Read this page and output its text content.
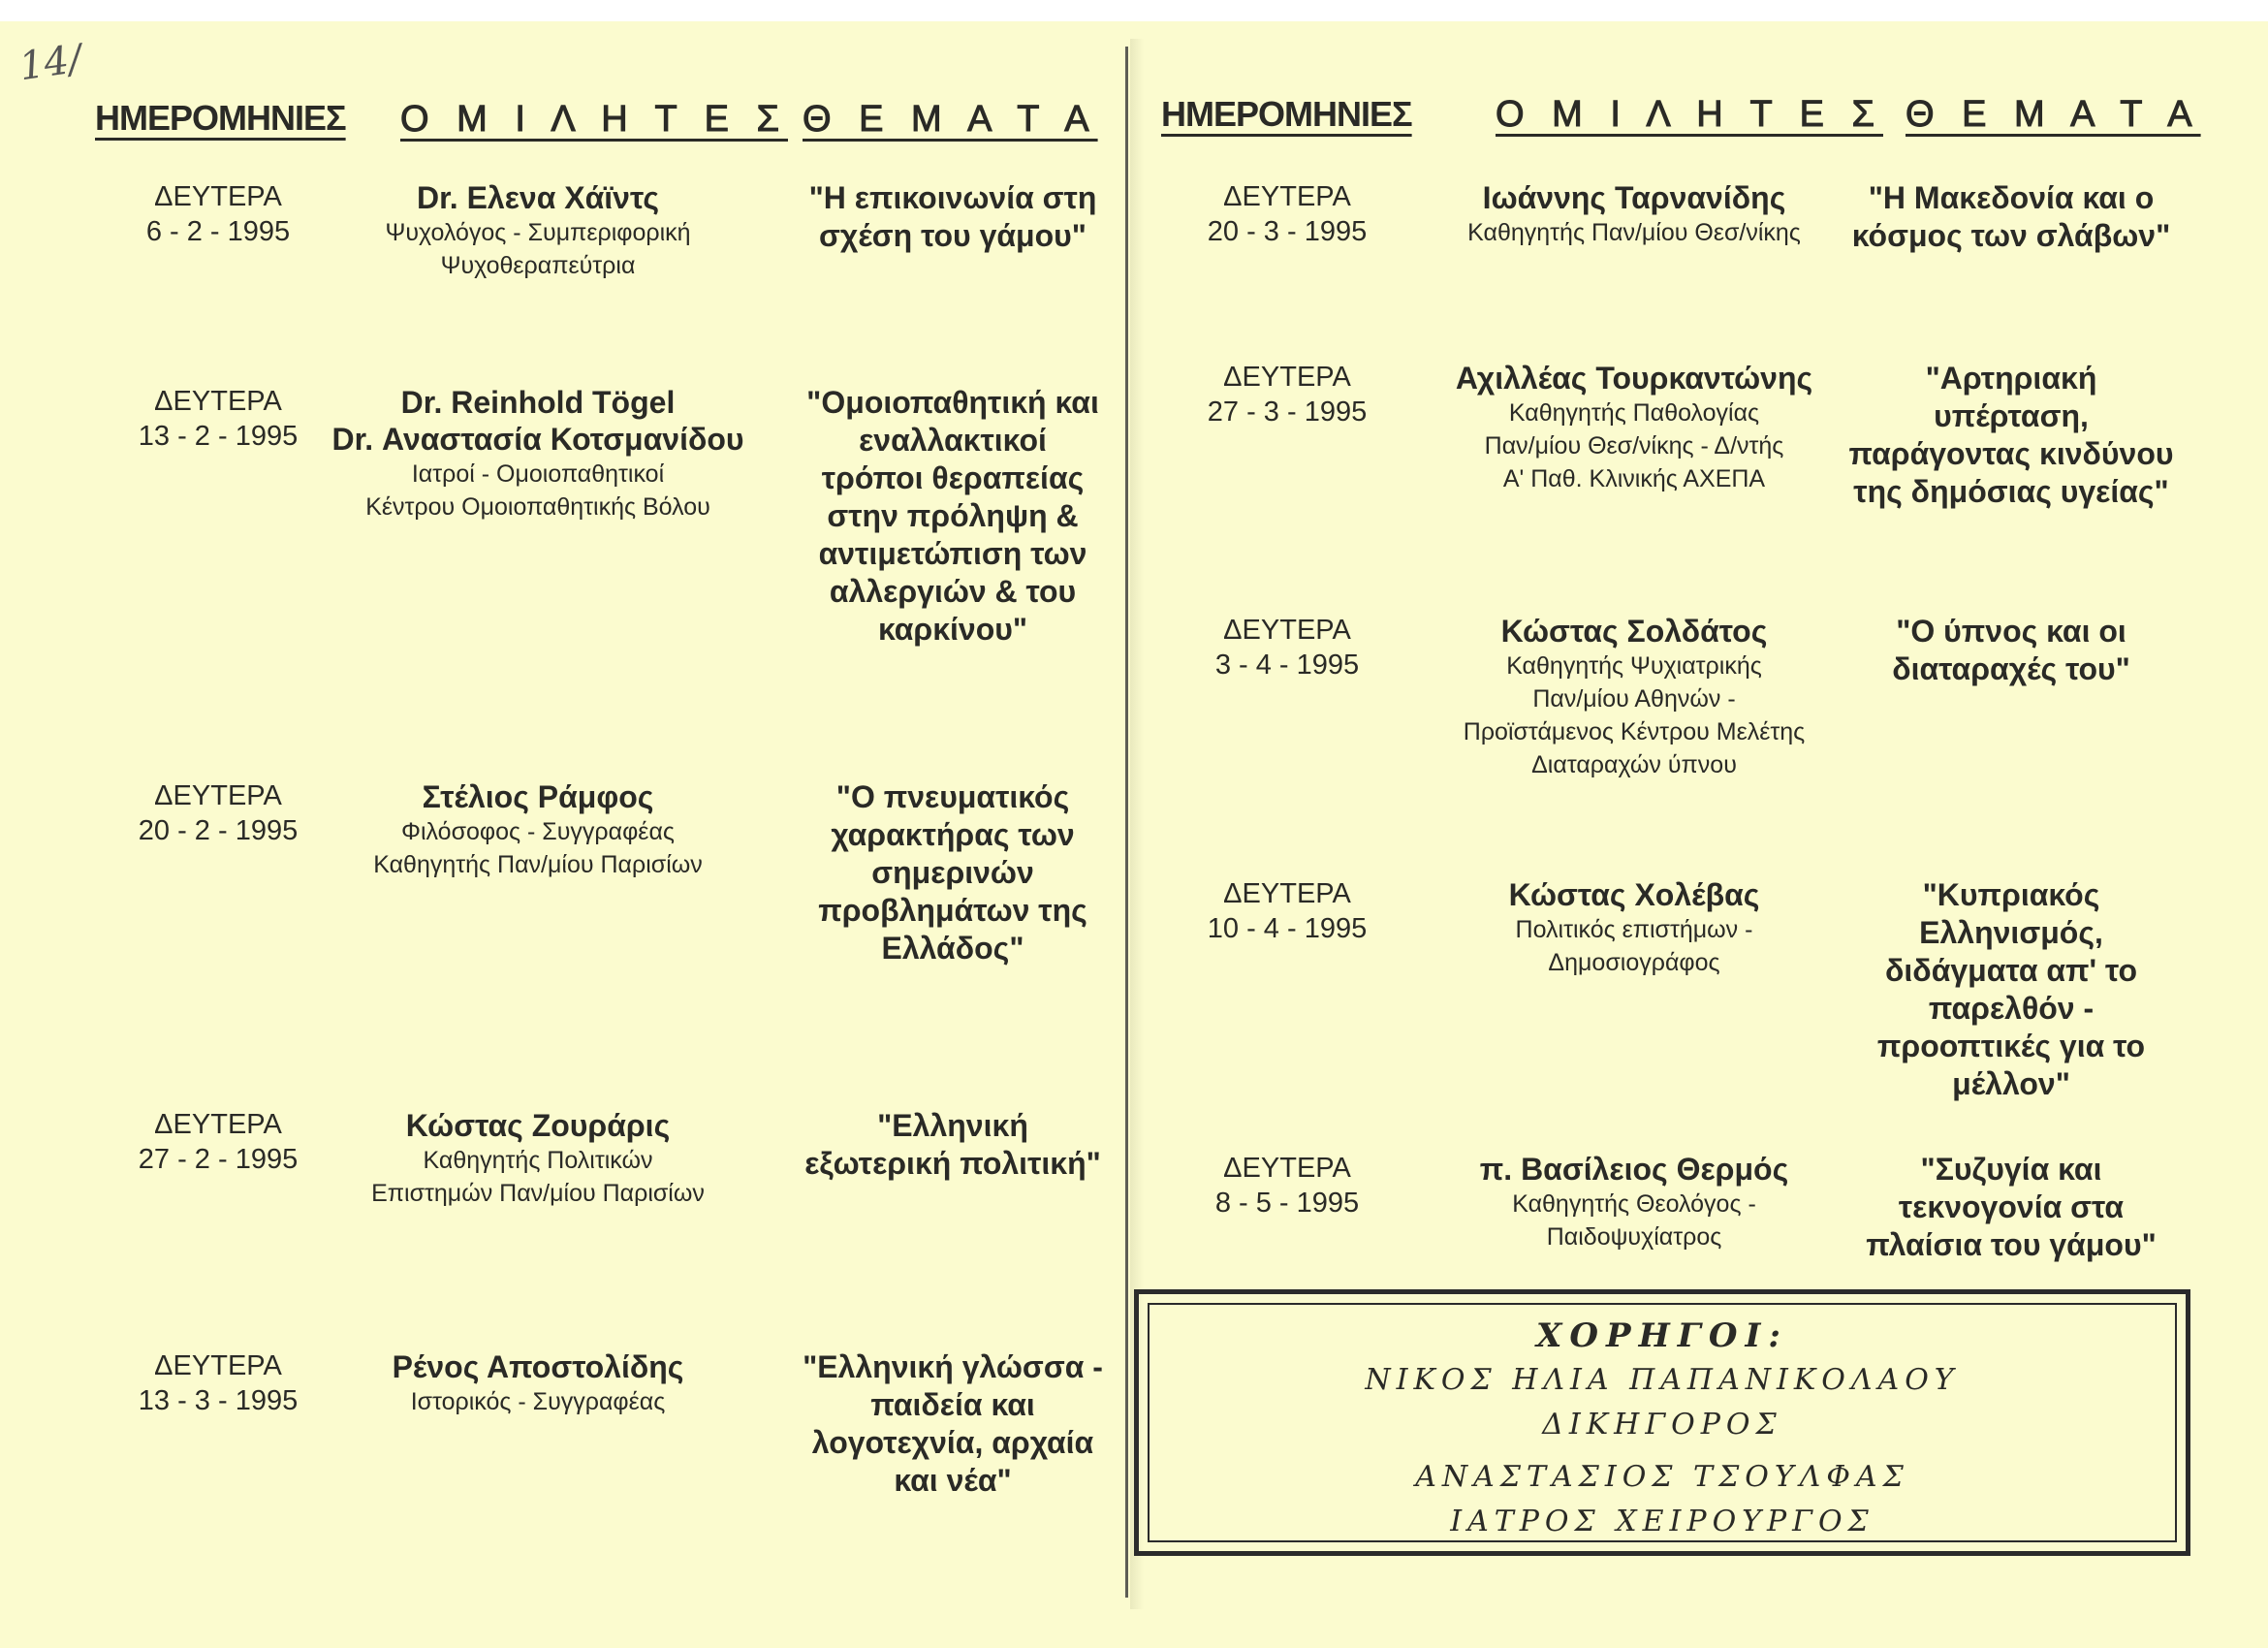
14/
ΗΜΕΡΟΜΗΝΙΕΣ Ο Μ Ι Λ Η Τ Ε Σ Θ Ε Μ Α Τ Α ΗΜΕΡΟΜΗΝΙΕΣ Ο Μ Ι Λ Η Τ Ε Σ Θ Ε Μ Α Τ Α
ΔΕΥΤΕΡΑ
6 - 2 - 1995
Dr. Ελενα Χάϊντς
Ψυχολόγος - Συμπεριφορική
Ψυχοθεραπεύτρια
"Η επικοινωνία στη
σχέση του γάμου"
ΔΕΥΤΕΡΑ
13 - 2 - 1995
Dr. Reinhold Tögel
Dr. Αναστασία Κοτσμανίδου
Ιατροί - Ομοιοπαθητικοί
Κέντρου Ομοιοπαθητικής Βόλου
"Ομοιοπαθητική και
εναλλακτικοί
τρόποι θεραπείας
στην πρόληψη &
αντιμετώπιση των
αλλεργιών & του
καρκίνου"
ΔΕΥΤΕΡΑ
20 - 2 - 1995
Στέλιος Ράμφος
Φιλόσοφος - Συγγραφέας
Καθηγητής Παν/μίου Παρισίων
"Ο πνευματικός
χαρακτήρας των
σημερινών
προβλημάτων της
Ελλάδος"
ΔΕΥΤΕΡΑ
27 - 2 - 1995
Κώστας Ζουράρις
Καθηγητής Πολιτικών
Επιστημών Παν/μίου Παρισίων
"Ελληνική
εξωτερική πολιτική"
ΔΕΥΤΕΡΑ
13 - 3 - 1995
Ρένος Αποστολίδης
Ιστορικός - Συγγραφέας
"Ελληνική γλώσσα -
παιδεία και
λογοτεχνία, αρχαία
και νέα"
ΔΕΥΤΕΡΑ
20 - 3 - 1995
Ιωάννης Ταρνανίδης
Καθηγητής Παν/μίου Θεσ/νίκης
"Η Μακεδονία και ο
κόσμος των σλάβων"
ΔΕΥΤΕΡΑ
27 - 3 - 1995
Αχιλλέας Τουρκαντώνης
Καθηγητής Παθολογίας
Παν/μίου Θεσ/νίκης - Δ/ντής
Α' Παθ. Κλινικής ΑΧΕΠΑ
"Αρτηριακή υπέρταση,
παράγοντας κινδύνου
της δημόσιας υγείας"
ΔΕΥΤΕΡΑ
3 - 4 - 1995
Κώστας Σολδάτος
Καθηγητής Ψυχιατρικής
Παν/μίου Αθηνών -
Προϊστάμενος Κέντρου Μελέτης
Διαταραχών ύπνου
"Ο ύπνος και οι
διαταραχές του"
ΔΕΥΤΕΡΑ
10 - 4 - 1995
Κώστας Χολέβας
Πολιτικός επιστήμων -
Δημοσιογράφος
"Κυπριακός
Ελληνισμός,
διδάγματα απ' το
παρελθόν -
προοπτικές για το
μέλλον"
ΔΕΥΤΕΡΑ
8 - 5 - 1995
π. Βασίλειος Θερμός
Καθηγητής Θεολόγος -
Παιδοψυχίατρος
"Συζυγία και
τεκνογονία στα
πλαίσια του γάμου"
ΧΟΡΗΓΟΙ:
ΝΙΚΟΣ ΗΛΙΑ ΠΑΠΑΝΙΚΟΛΑΟΥ
ΔΙΚΗΓΟΡΟΣ
ΑΝΑΣΤΑΣΙΟΣ ΤΣΟΥΛΦΑΣ
ΙΑΤΡΟΣ ΧΕΙΡΟΥΡΓΟΣ
